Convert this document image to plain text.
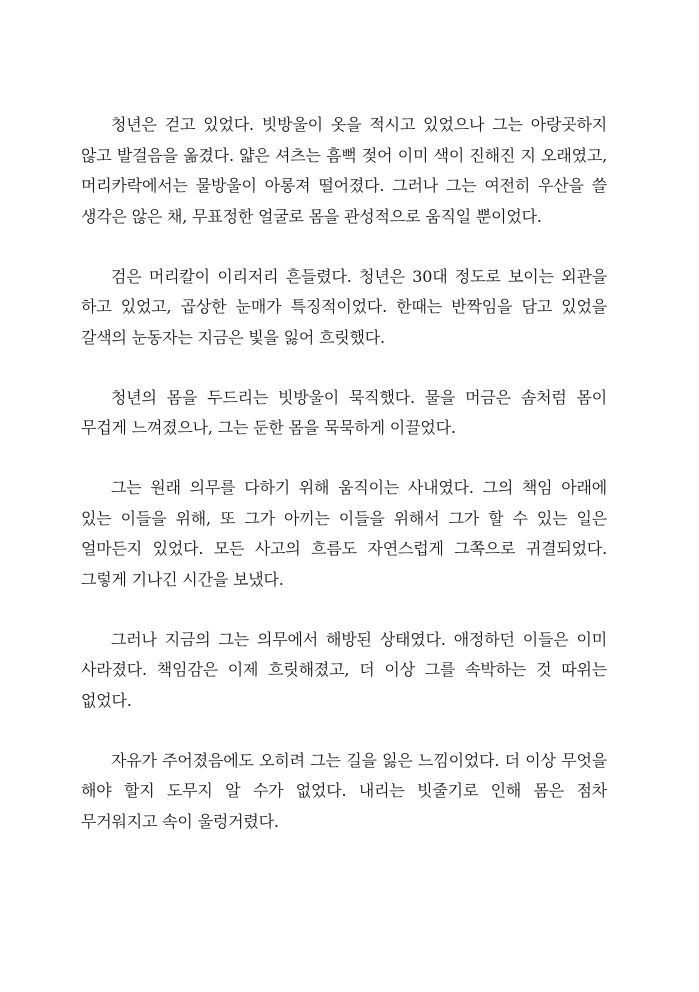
청년은 걷고 있었다. 빗방울이 옷을 적시고 있었으나 그는 아랑곳하지 않고 발걸음을 옮겼다. 얇은 셔츠는 흠뻑 젖어 이미 색이 진해진 지 오래였고, 머리카락에서는 물방울이 아롱져 떨어졌다. 그러나 그는 여전히 우산을 쓸 생각은 않은 채, 무표정한 얼굴로 몸을 관성적으로 움직일 뿐이었다.

검은 머리칼이 이리저리 흔들렸다. 청년은 30대 정도로 보이는 외관을 하고 있었고, 곱상한 눈매가 특징적이었다. 한때는 반짝임을 담고 있었을 갈색의 눈동자는 지금은 빛을 잃어 흐릿했다.

청년의 몸을 두드리는 빗방울이 묵직했다. 물을 머금은 솜처럼 몸이 무겁게 느껴졌으나, 그는 둔한 몸을 묵묵하게 이끌었다.

그는 원래 의무를 다하기 위해 움직이는 사내였다. 그의 책임 아래에 있는 이들을 위해, 또 그가 아끼는 이들을 위해서 그가 할 수 있는 일은 얼마든지 있었다. 모든 사고의 흐름도 자연스럽게 그쪽으로 귀결되었다. 그렇게 기나긴 시간을 보냈다.

그러나 지금의 그는 의무에서 해방된 상태였다. 애정하던 이들은 이미 사라졌다. 책임감은 이제 흐릿해졌고, 더 이상 그를 속박하는 것 따위는 없었다.

자유가 주어졌음에도 오히려 그는 길을 잃은 느낌이었다. 더 이상 무엇을 해야 할지 도무지 알 수가 없었다. 내리는 빗줄기로 인해 몸은 점차 무거워지고 속이 울렁거렸다.
